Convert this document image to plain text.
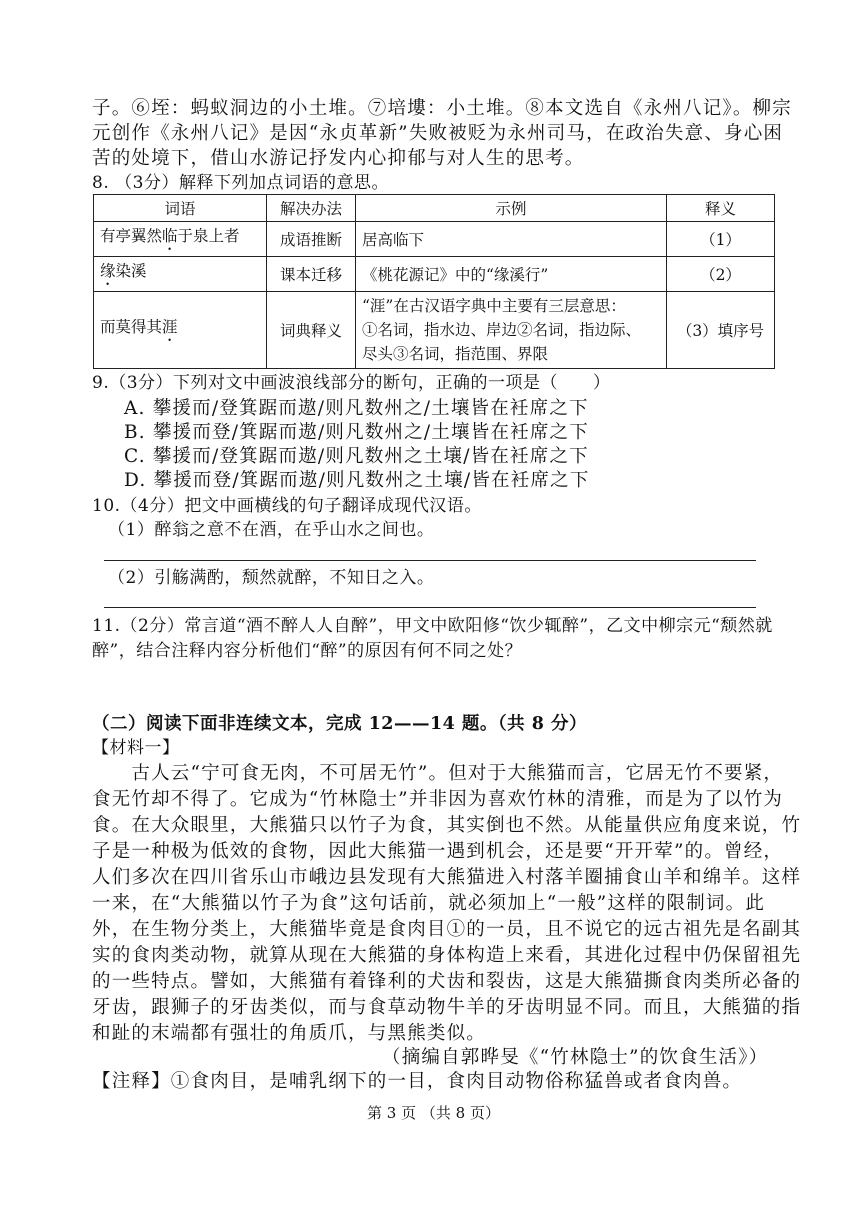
子。⑥垤：蚂蚁洞边的小土堆。⑦培塿：小土堆。⑧本文选自《永州八记》。柳宗
元创作《永州八记》是因“永贞革新”失败被贬为永州司马，在政治失意、身心困
苦的处境下，借山水游记抒发内心抑郁与对人生的思考。
8. （3分）解释下列加点词语的意思。
词语	解决办法	示例	释义
有亭翼然临于泉上者	成语推断	居高临下	（1）
缘染溪	课本迁移	《桃花源记》中的“缘溪行”	（2）
而莫得其涯	词典释义	“涯”在古汉语字典中主要有三层意思：
①名词，指水边、岸边②名词，指边际、
尽头③名词，指范围、界限	（3）填序号
9.（3分）下列对文中画波浪线部分的断句，正确的一项是（　　）
A. 攀援而/登箕踞而遨/则凡数州之/土壤皆在衽席之下
B. 攀援而登/箕踞而遨/则凡数州之/土壤皆在衽席之下
C. 攀援而/登箕踞而遨/则凡数州之土壤/皆在衽席之下
D. 攀援而登/箕踞而遨/则凡数州之土壤/皆在衽席之下
10.（4分）把文中画横线的句子翻译成现代汉语。
（1）醉翁之意不在酒，在乎山水之间也。
（2）引觞满酌，颓然就醉，不知日之入。
11.（2分）常言道“酒不醉人人自醉”，甲文中欧阳修“饮少辄醉”，乙文中柳宗元“颓然就
醉”，结合注释内容分析他们“醉”的原因有何不同之处？
（二）阅读下面非连续文本，完成 12——14 题。（共 8 分）
【材料一】
　　古人云“宁可食无肉，不可居无竹”。但对于大熊猫而言，它居无竹不要紧，
食无竹却不得了。它成为“竹林隐士”并非因为喜欢竹林的清雅，而是为了以竹为
食。在大众眼里，大熊猫只以竹子为食，其实倒也不然。从能量供应角度来说，竹
子是一种极为低效的食物，因此大熊猫一遇到机会，还是要“开开荤”的。曾经，
人们多次在四川省乐山市峨边县发现有大熊猫进入村落羊圈捕食山羊和绵羊。这样
一来，在“大熊猫以竹子为食”这句话前，就必须加上“一般”这样的限制词。此
外，在生物分类上，大熊猫毕竟是食肉目①的一员，且不说它的远古祖先是名副其
实的食肉类动物，就算从现在大熊猫的身体构造上来看，其进化过程中仍保留祖先
的一些特点。譬如，大熊猫有着锋利的犬齿和裂齿，这是大熊猫撕食肉类所必备的
牙齿，跟狮子的牙齿类似，而与食草动物牛羊的牙齿明显不同。而且，大熊猫的指
和趾的末端都有强壮的角质爪，与黑熊类似。
（摘编自郭晔旻《“竹林隐士”的饮食生活》）
【注释】①食肉目，是哺乳纲下的一目，食肉目动物俗称猛兽或者食肉兽。
第 3 页 （共 8 页）
